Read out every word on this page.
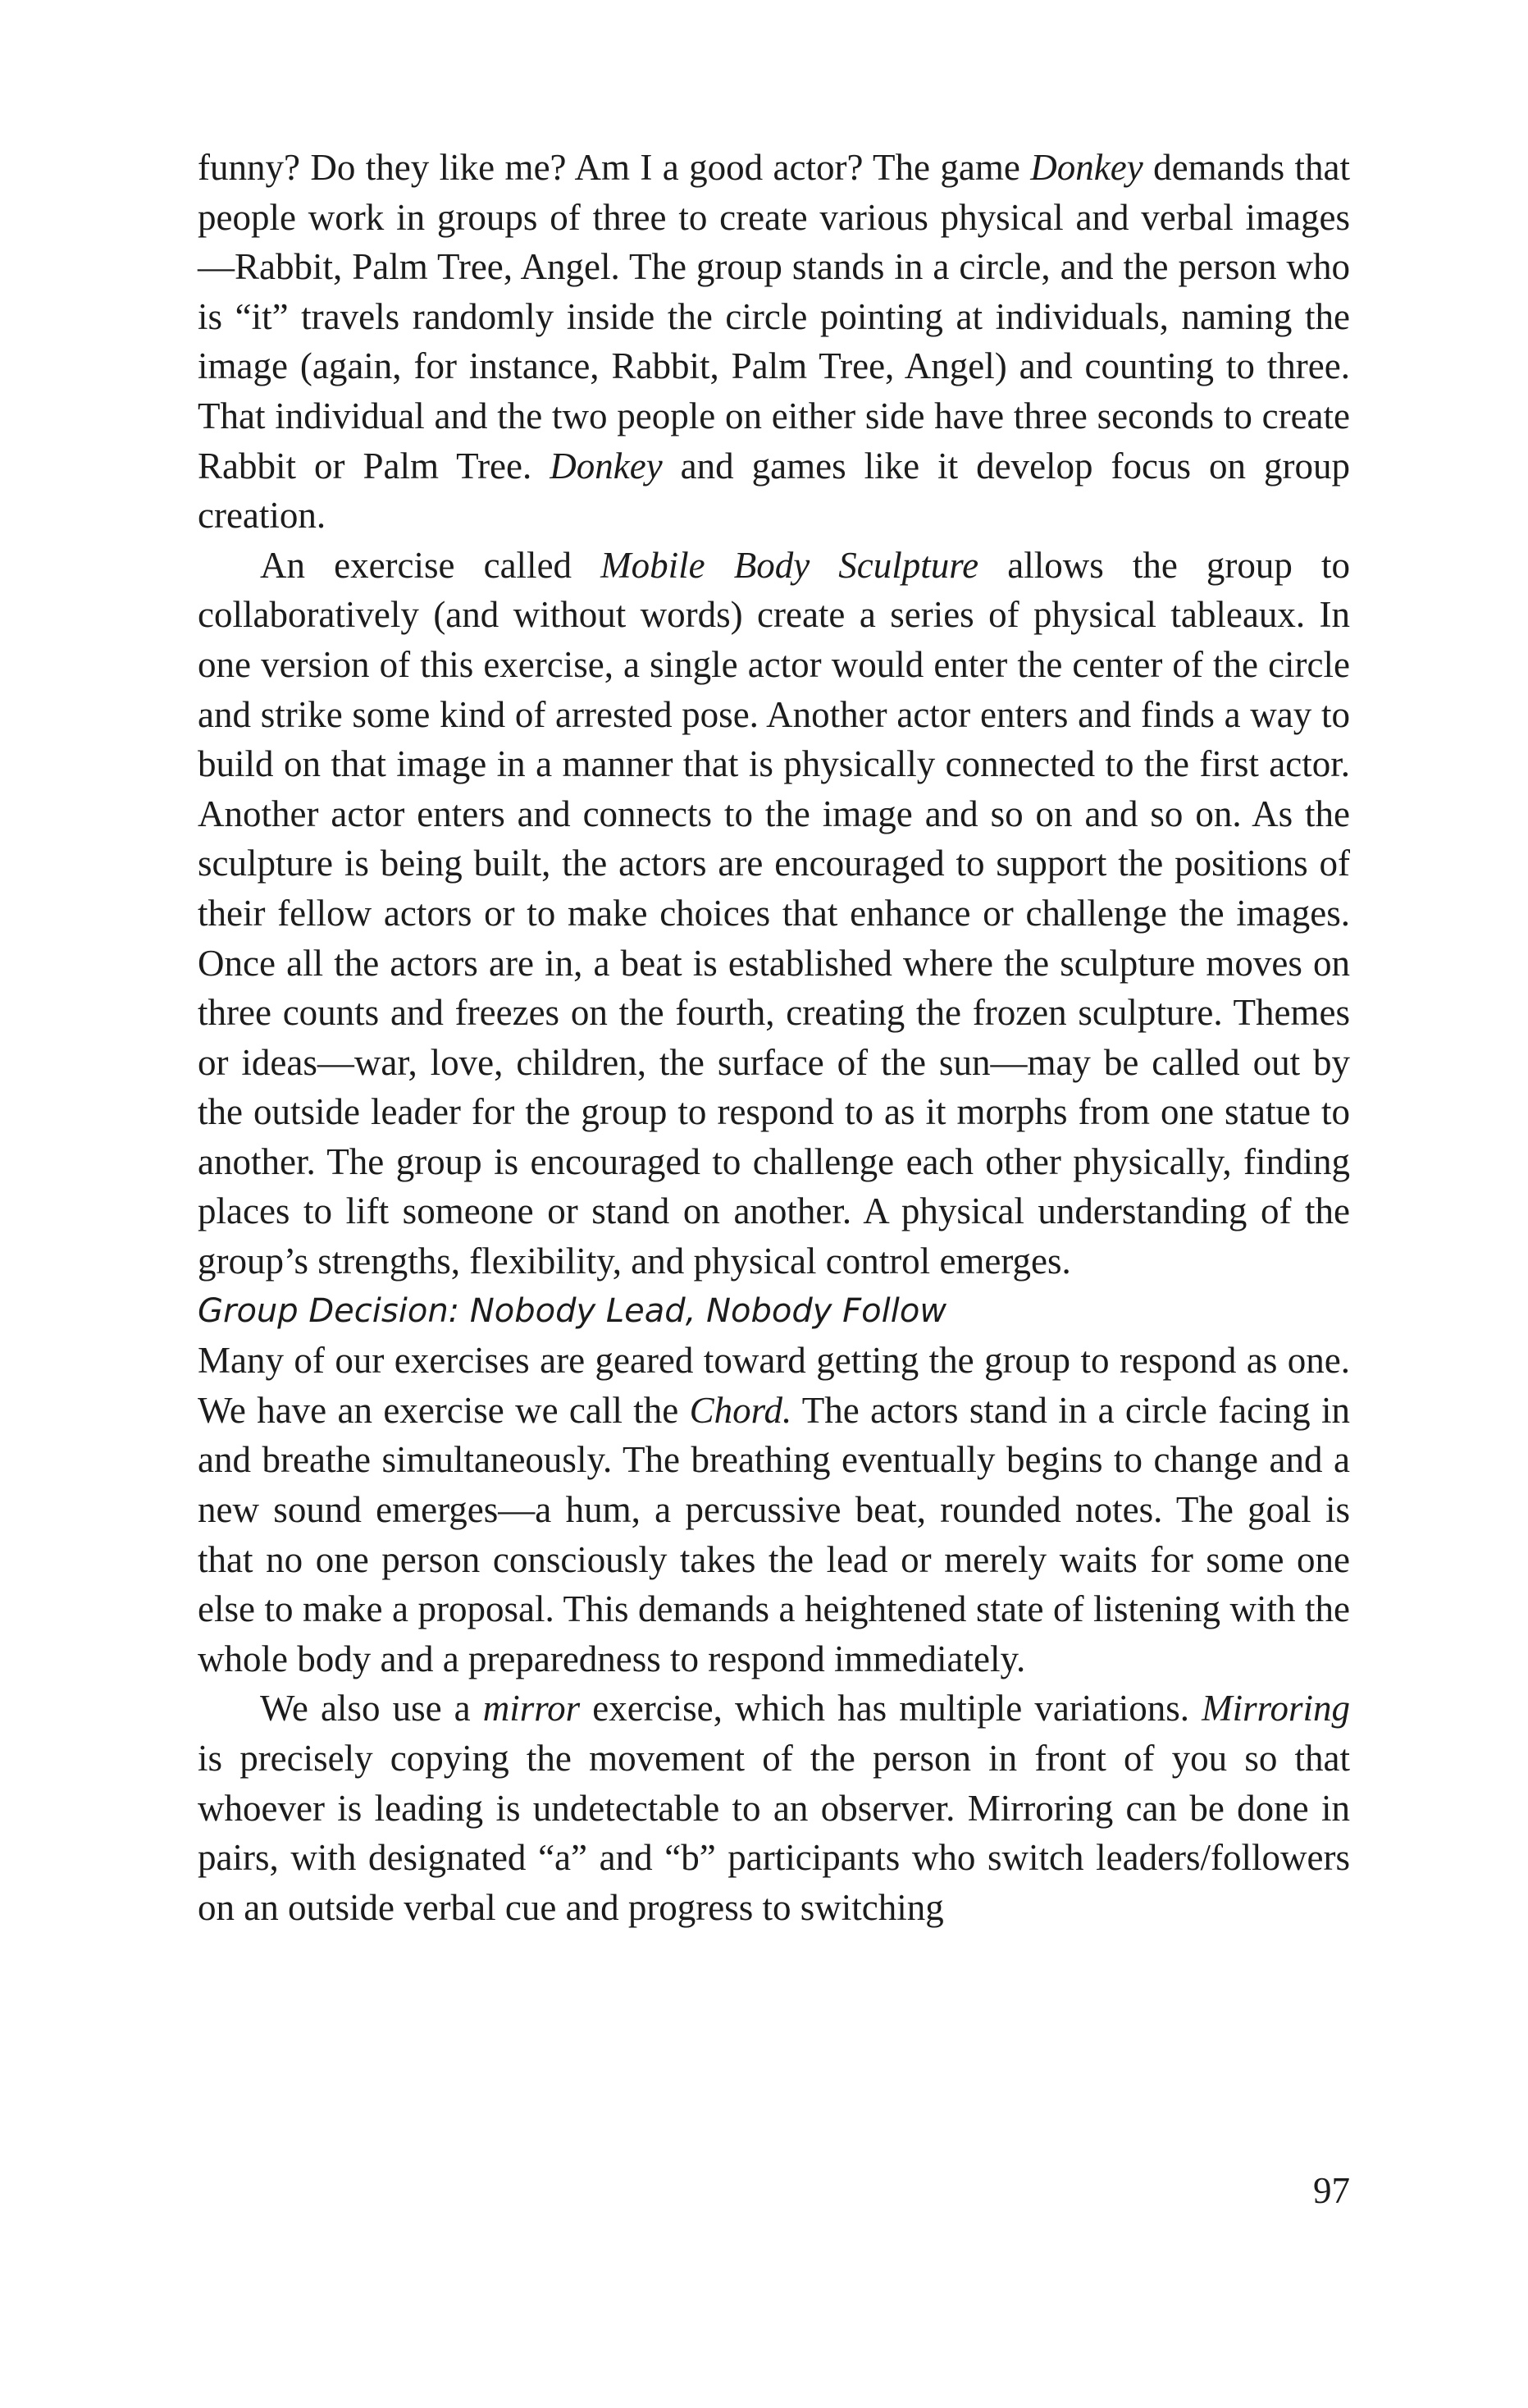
funny? Do they like me? Am I a good actor? The game Donkey demands that people work in groups of three to create various physical and verbal images—Rabbit, Palm Tree, Angel. The group stands in a circle, and the person who is “it” travels randomly inside the circle pointing at individuals, naming the image (again, for instance, Rabbit, Palm Tree, Angel) and counting to three. That individual and the two people on either side have three seconds to create Rabbit or Palm Tree. Donkey and games like it develop focus on group creation.

An exercise called Mobile Body Sculpture allows the group to collaboratively (and without words) create a series of physical tableaux. In one version of this exercise, a single actor would enter the center of the circle and strike some kind of arrested pose. Another actor enters and finds a way to build on that image in a manner that is physically connected to the first actor. Another actor enters and connects to the image and so on and so on. As the sculpture is being built, the actors are encouraged to support the positions of their fellow actors or to make choices that enhance or challenge the images. Once all the actors are in, a beat is established where the sculpture moves on three counts and freezes on the fourth, creating the frozen sculpture. Themes or ideas—war, love, children, the surface of the sun—may be called out by the outside leader for the group to respond to as it morphs from one statue to another. The group is encouraged to challenge each other physically, finding places to lift someone or stand on another. A physical understanding of the group’s strengths, flexibility, and physical control emerges.

Group Decision: Nobody Lead, Nobody Follow

Many of our exercises are geared toward getting the group to respond as one. We have an exercise we call the Chord. The actors stand in a circle facing in and breathe simultaneously. The breathing eventually begins to change and a new sound emerges—a hum, a percussive beat, rounded notes. The goal is that no one person consciously takes the lead or merely waits for some one else to make a proposal. This demands a heightened state of listening with the whole body and a preparedness to respond immediately.

We also use a mirror exercise, which has multiple variations. Mirroring is precisely copying the movement of the person in front of you so that whoever is leading is undetectable to an observer. Mirroring can be done in pairs, with designated “a” and “b” participants who switch leaders/followers on an outside verbal cue and progress to switching

97
